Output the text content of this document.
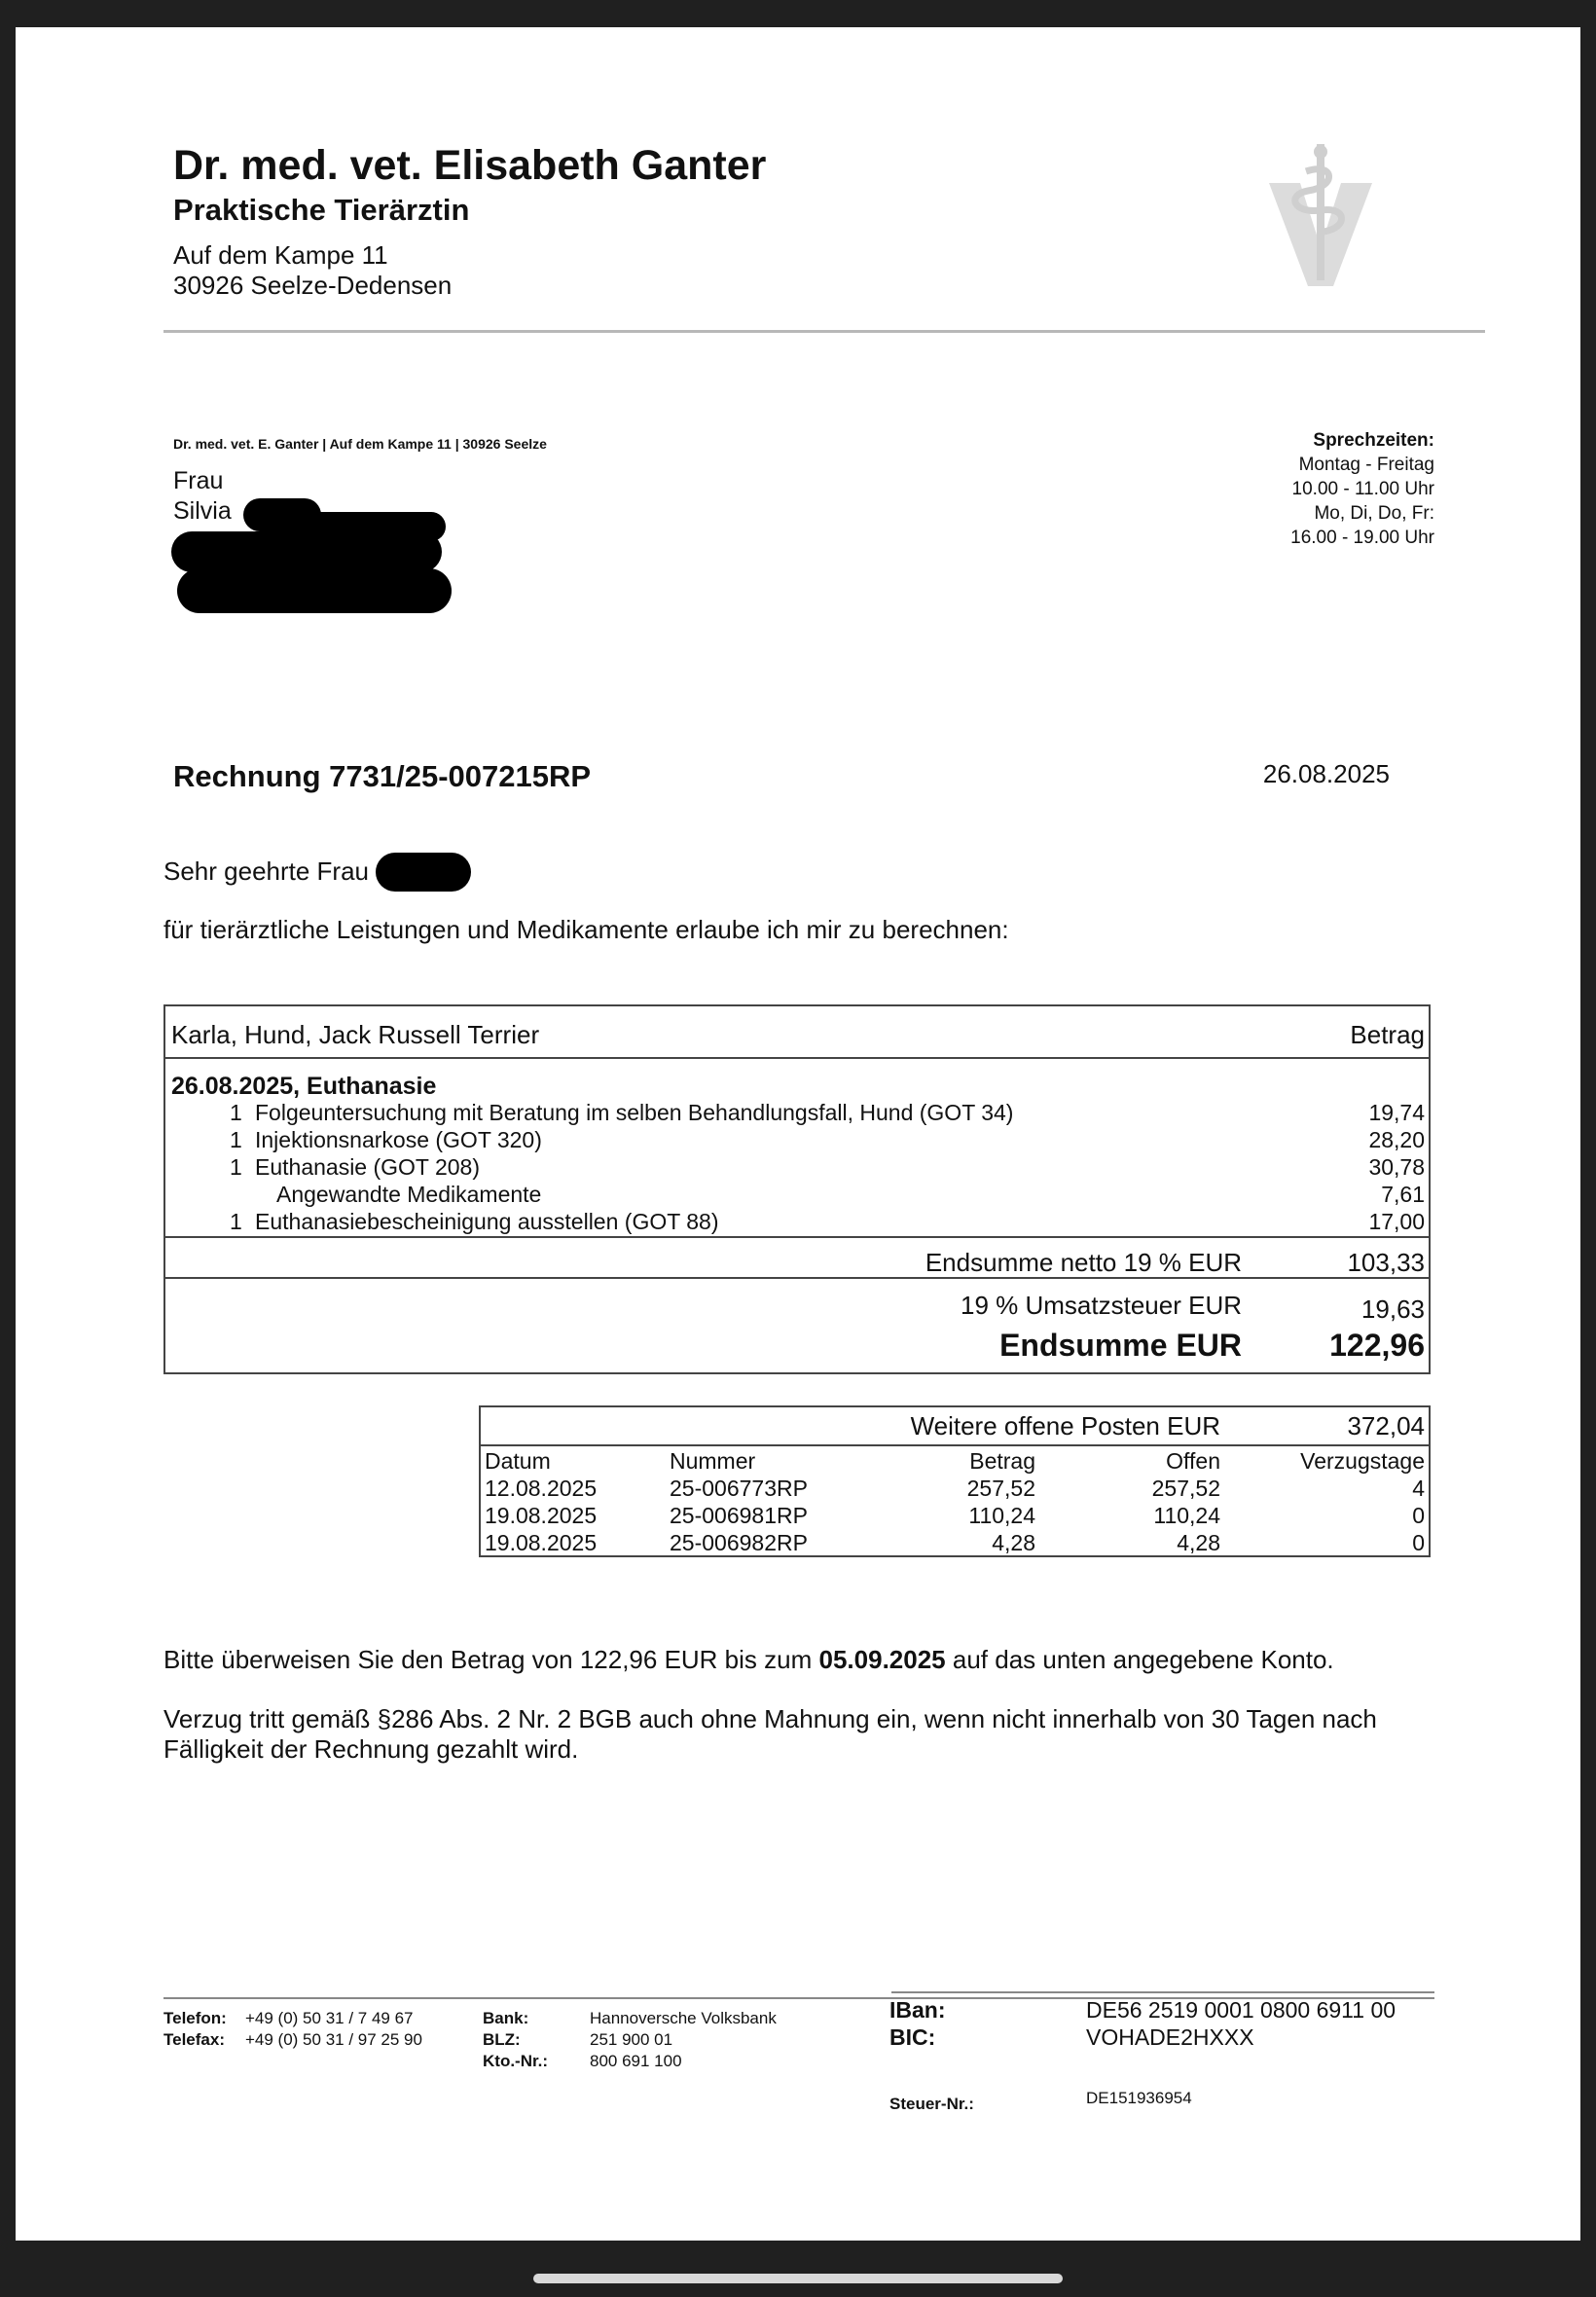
Dr. med. vet. Elisabeth Ganter
Praktische Tierärztin
Auf dem Kampe 11
30926 Seelze-Dedensen
Dr. med. vet. E. Ganter | Auf dem Kampe 11 | 30926 Seelze
Frau
Silvia
Sprechzeiten:
Montag - Freitag
10.00 - 11.00 Uhr
Mo, Di, Do, Fr:
16.00 - 19.00 Uhr
Rechnung 7731/25-007215RP	26.08.2025
Sehr geehrte Frau
für tierärztliche Leistungen und Medikamente erlaube ich mir zu berechnen:
Karla, Hund, Jack Russell Terrier	Betrag
26.08.2025, Euthanasie
1 Folgeuntersuchung mit Beratung im selben Behandlungsfall, Hund (GOT 34)	19,74
1 Injektionsnarkose (GOT 320)	28,20
1 Euthanasie (GOT 208)	30,78
Angewandte Medikamente	7,61
1 Euthanasiebescheinigung ausstellen (GOT 88)	17,00
Endsumme netto 19 % EUR	103,33
19 % Umsatzsteuer EUR	19,63
Endsumme EUR	122,96
Weitere offene Posten EUR	372,04
Datum	Nummer	Betrag	Offen	Verzugstage
12.08.2025	25-006773RP	257,52	257,52	4
19.08.2025	25-006981RP	110,24	110,24	0
19.08.2025	25-006982RP	4,28	4,28	0
Bitte überweisen Sie den Betrag von 122,96 EUR bis zum 05.09.2025 auf das unten angegebene Konto.
Verzug tritt gemäß §286 Abs. 2 Nr. 2 BGB auch ohne Mahnung ein, wenn nicht innerhalb von 30 Tagen nach Fälligkeit der Rechnung gezahlt wird.
Telefon: +49 (0) 50 31 / 7 49 67
Telefax: +49 (0) 50 31 / 97 25 90
Bank:	Hannoversche Volksbank
BLZ:	251 900 01
Kto.-Nr.:	800 691 100
IBan:	DE56 2519 0001 0800 6911 00
BIC:	VOHADE2HXXX
Steuer-Nr.:	DE151936954
